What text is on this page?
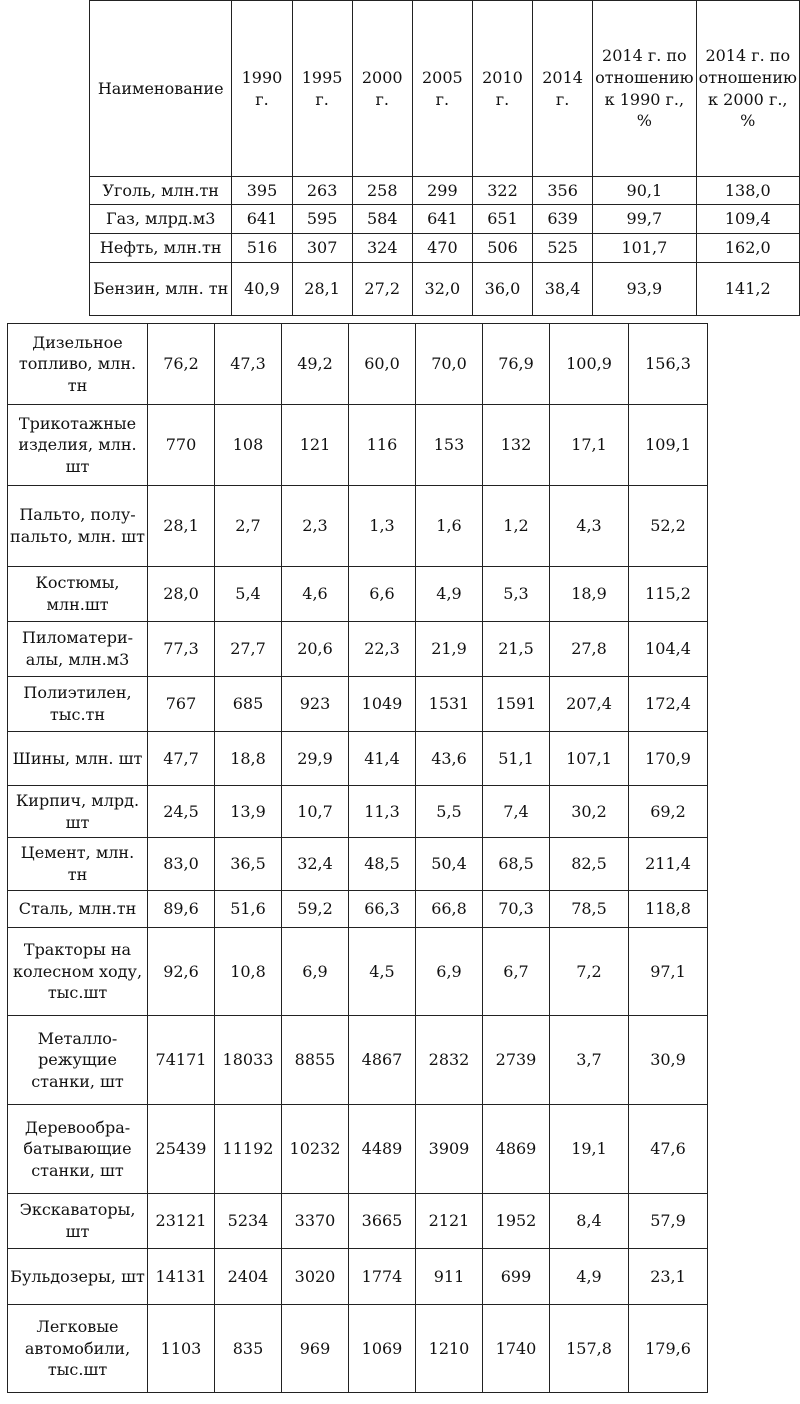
Наименование	1990 г.	1995 г.	2000 г.	2005 г.	2010 г.	2014 г.	2014 г. по отношению к 1990 г., %	2014 г. по отношению к 2000 г., %
Уголь, млн.тн	395	263	258	299	322	356	90,1	138,0
Газ, млрд.м3	641	595	584	641	651	639	99,7	109,4
Нефть, млн.тн	516	307	324	470	506	525	101,7	162,0
Бензин, млн. тн	40,9	28,1	27,2	32,0	36,0	38,4	93,9	141,2
Дизельное топливо, млн. тн	76,2	47,3	49,2	60,0	70,0	76,9	100,9	156,3
Трикотажные изделия, млн. шт	770	108	121	116	153	132	17,1	109,1
Пальто, полу-пальто, млн. шт	28,1	2,7	2,3	1,3	1,6	1,2	4,3	52,2
Костюмы, млн.шт	28,0	5,4	4,6	6,6	4,9	5,3	18,9	115,2
Пиломатери-алы, млн.м3	77,3	27,7	20,6	22,3	21,9	21,5	27,8	104,4
Полиэтилен, тыс.тн	767	685	923	1049	1531	1591	207,4	172,4
Шины, млн. шт	47,7	18,8	29,9	41,4	43,6	51,1	107,1	170,9
Кирпич, млрд. шт	24,5	13,9	10,7	11,3	5,5	7,4	30,2	69,2
Цемент, млн. тн	83,0	36,5	32,4	48,5	50,4	68,5	82,5	211,4
Сталь, млн.тн	89,6	51,6	59,2	66,3	66,8	70,3	78,5	118,8
Тракторы на колесном ходу, тыс.шт	92,6	10,8	6,9	4,5	6,9	6,7	7,2	97,1
Металло-режущие станки, шт	74171	18033	8855	4867	2832	2739	3,7	30,9
Деревообра-батывающие станки, шт	25439	11192	10232	4489	3909	4869	19,1	47,6
Экскаваторы, шт	23121	5234	3370	3665	2121	1952	8,4	57,9
Бульдозеры, шт	14131	2404	3020	1774	911	699	4,9	23,1
Легковые автомобили, тыс.шт	1103	835	969	1069	1210	1740	157,8	179,6
